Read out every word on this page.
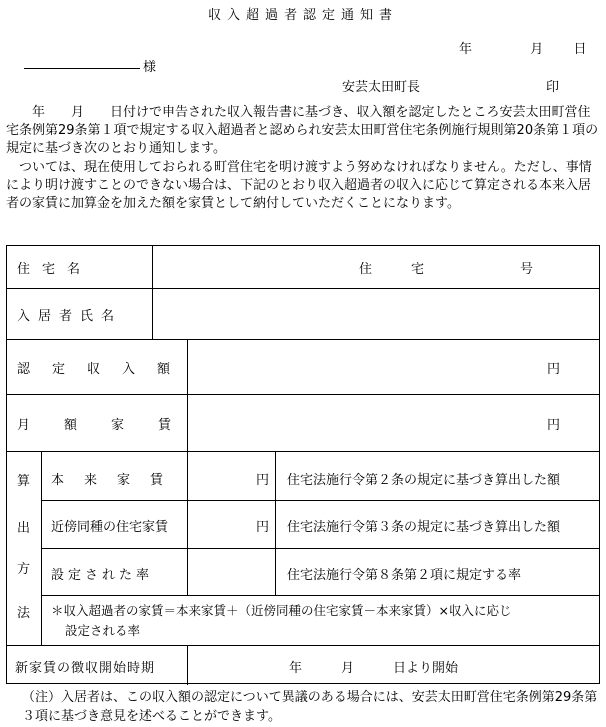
収入超過者認定通知書
年	月 日
様
安芸太田町長	印

　　年　　月　　日付けで申告された収入報告書に基づき、収入額を認定したところ安芸太田町営住宅条例第29条第１項で規定する収入超過者と認められ安芸太田町営住宅条例施行規則第20条第１項の規定に基づき次のとおり通知します。

　ついては、現在使用しておられる町営住宅を明け渡すよう努めなければなりません。ただし、事情により明け渡すことのできない場合は、下記のとおり収入超過者の収入に応じて算定される本来入居者の家賃に加算金を加えた額を家賃として納付していただくことになります。

住宅名	住　　　宅	号
入居者氏名
認定収入額	円
月額家賃	円
算
出
方
法
本来家賃	円 住宅法施行令第２条の規定に基づき算出した額
近傍同種の住宅家賃	円 住宅法施行令第３条の規定に基づき算出した額
設定された率	住宅法施行令第８条第２項に規定する率
＊収入超過者の家賃＝本来家賃＋（近傍同種の住宅家賃－本来家賃）×収入に応じ
設定される率
新家賃の徴収開始時期	年　　　月　　　日より開始
（注）入居者は、この収入額の認定について異議のある場合には、安芸太田町営住宅条例第29条第３項に基づき意見を述べることができます。
